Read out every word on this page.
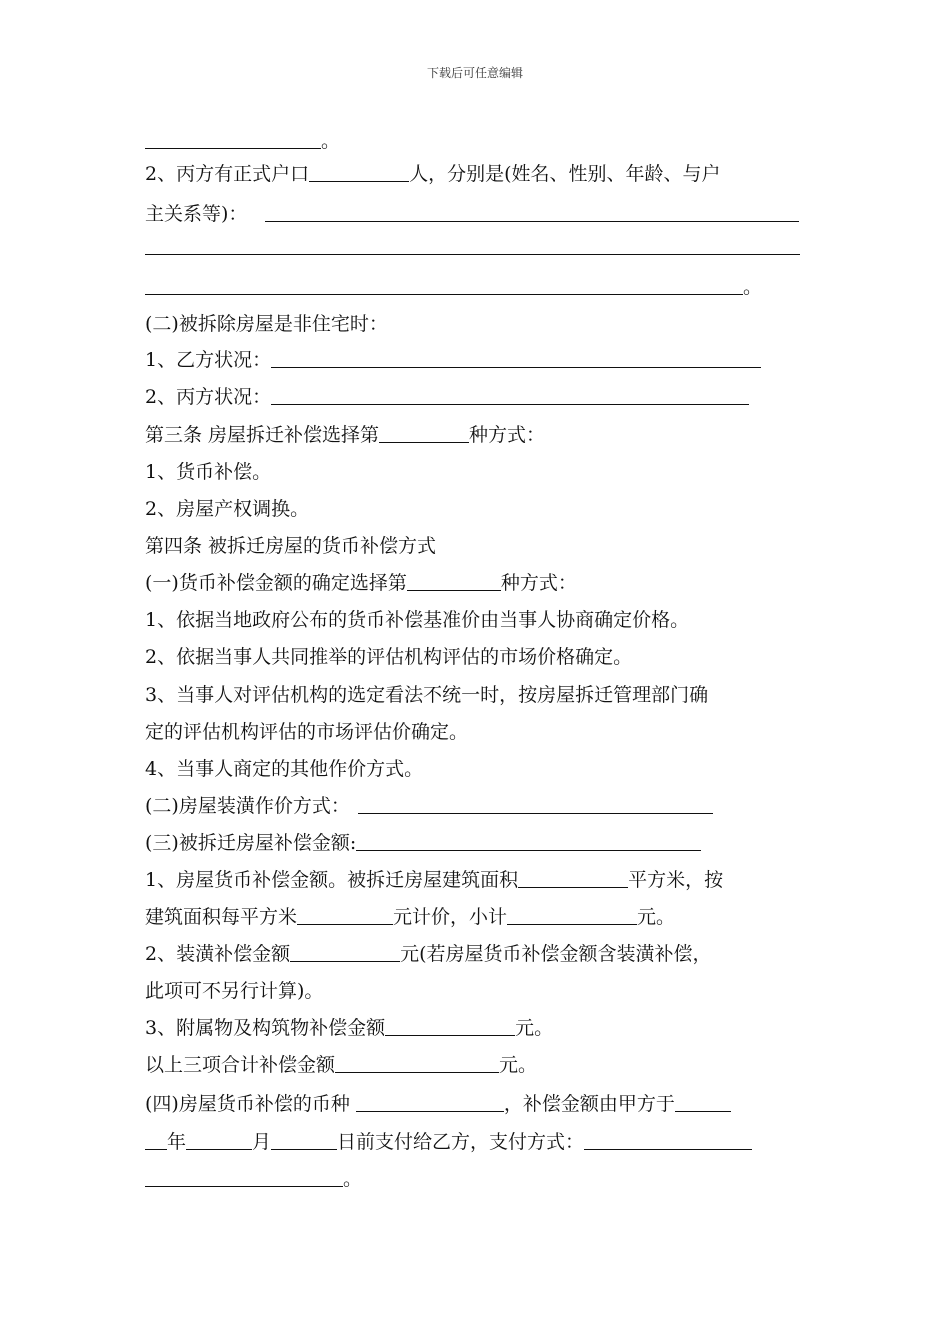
下载后可任意编辑
。
2、丙方有正式户口	人，分别是(姓名、性别、年龄、与户
主关系等)：
。
(二)被拆除房屋是非住宅时：
1、乙方状况：
2、丙方状况：
第三条 房屋拆迁补偿选择第	种方式：
1、货币补偿。
2、房屋产权调换。
第四条 被拆迁房屋的货币补偿方式
(一)货币补偿金额的确定选择第	种方式：
1、依据当地政府公布的货币补偿基准价由当事人协商确定价格。
2、依据当事人共同推举的评估机构评估的市场价格确定。
3、当事人对评估机构的选定看法不统一时，按房屋拆迁管理部门确
定的评估机构评估的市场评估价确定。
4、当事人商定的其他作价方式。
(二)房屋装潢作价方式：
(三)被拆迁房屋补偿金额:
1、房屋货币补偿金额。被拆迁房屋建筑面积	平方米，按
建筑面积每平方米	元计价，小计	元。
2、装潢补偿金额	元(若房屋货币补偿金额含装潢补偿，
此项可不另行计算)。
3、附属物及构筑物补偿金额	元。
以上三项合计补偿金额	元。
(四)房屋货币补偿的币种	，补偿金额由甲方于
年	月	日前支付给乙方，支付方式：
。
